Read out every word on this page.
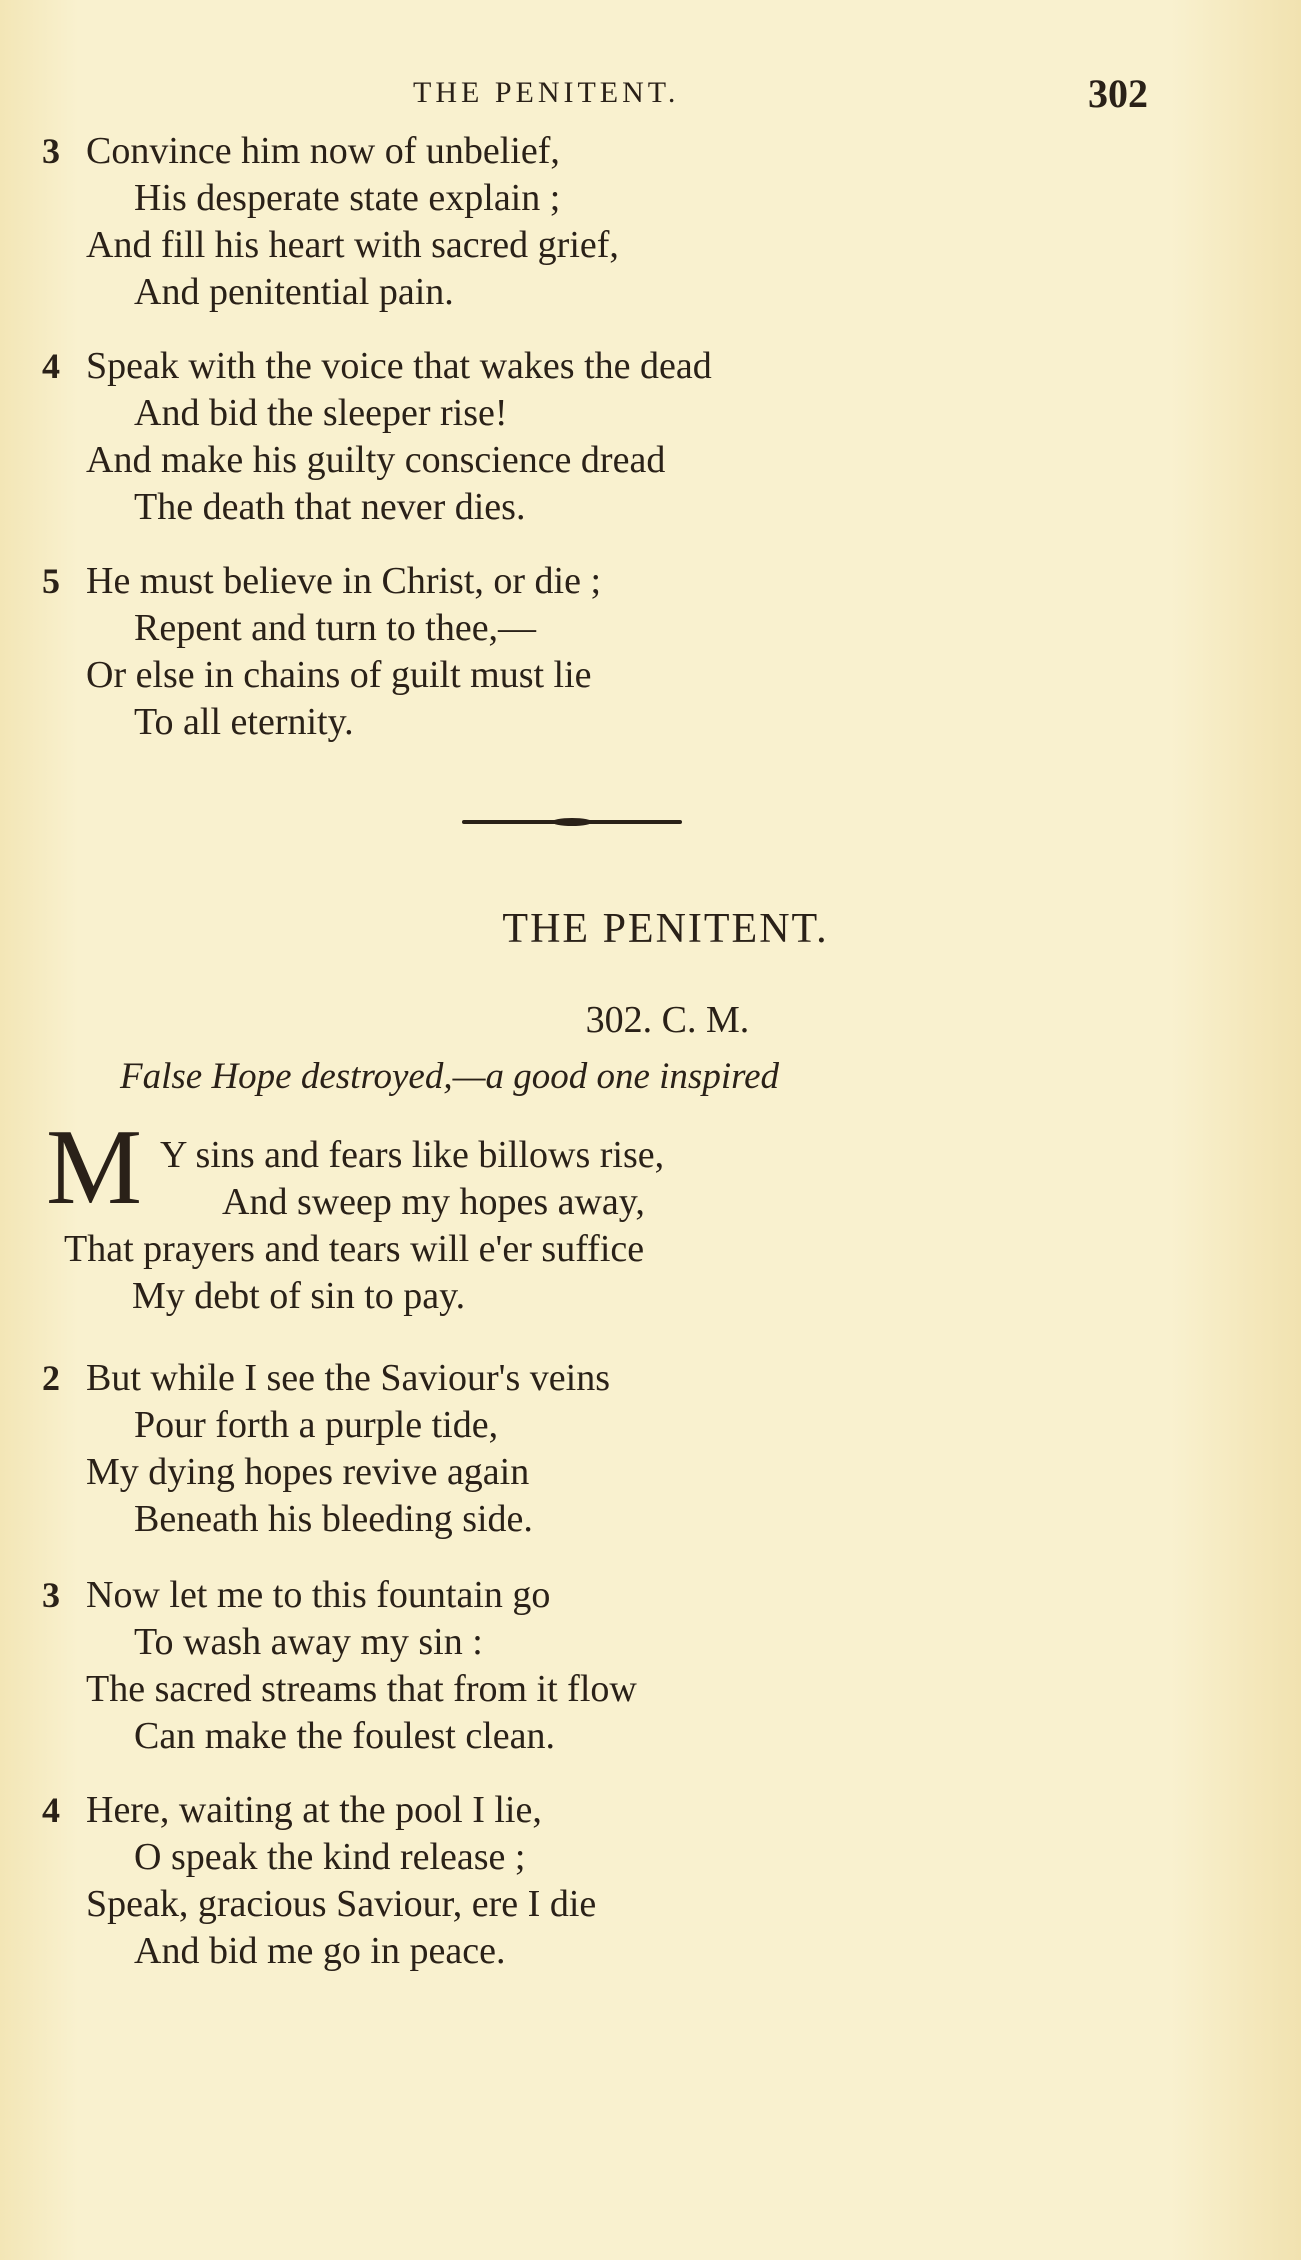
THE PENITENT.	302
3 Convince him now of unbelief,
His desperate state explain ;
And fill his heart with sacred grief,
And penitential pain.
4 Speak with the voice that wakes the dead
And bid the sleeper rise!
And make his guilty conscience dread
The death that never dies.
5 He must believe in Christ, or die ;
Repent and turn to thee,—
Or else in chains of guilt must lie
To all eternity.
THE PENITENT.
302. C. M.
False Hope destroyed,—a good one inspired
M Y sins and fears like billows rise,
And sweep my hopes away,
That prayers and tears will e'er suffice
My debt of sin to pay.
2 But while I see the Saviour's veins
Pour forth a purple tide,
My dying hopes revive again
Beneath his bleeding side.
3 Now let me to this fountain go
To wash away my sin :
The sacred streams that from it flow
Can make the foulest clean.
4 Here, waiting at the pool I lie,
O speak the kind release ;
Speak, gracious Saviour, ere I die
And bid me go in peace.
